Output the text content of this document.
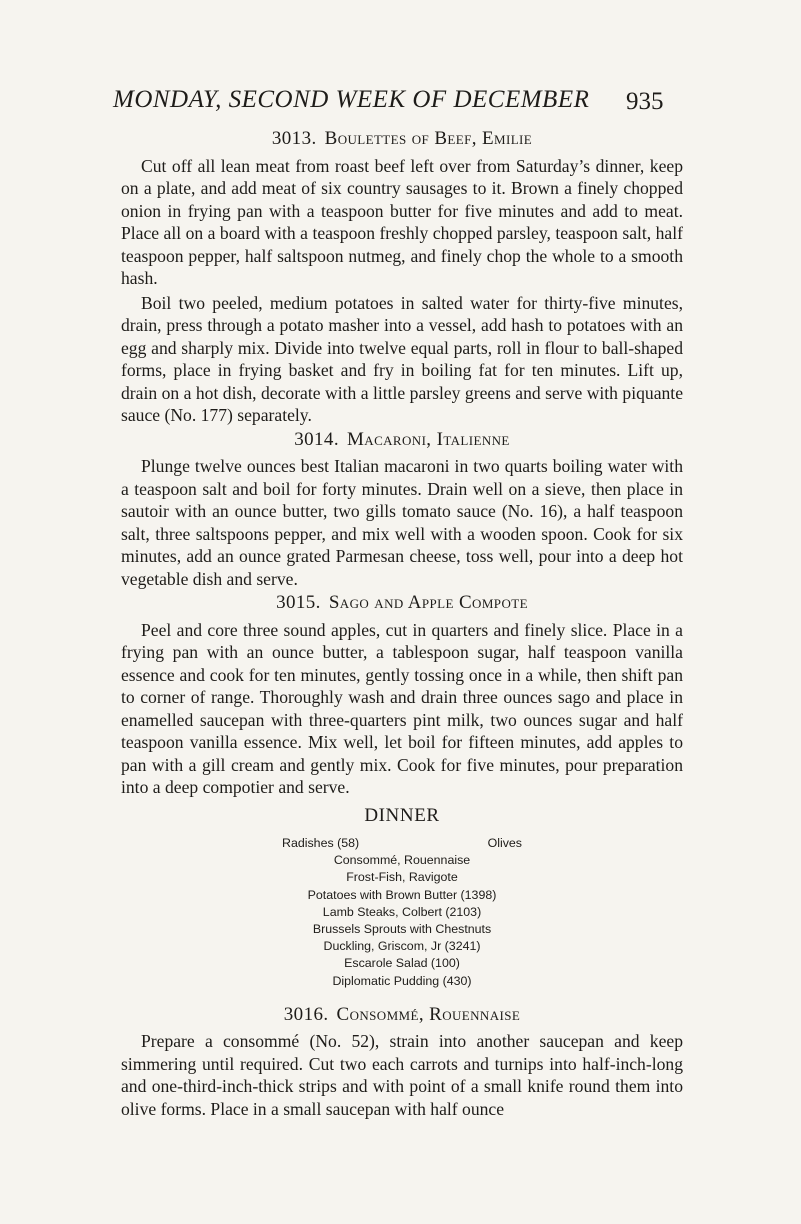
MONDAY, SECOND WEEK OF DECEMBER	935
3013. Boulettes of Beef, Emilie

Cut off all lean meat from roast beef left over from Saturday’s dinner, keep on a plate, and add meat of six country sausages to it. Brown a finely chopped onion in frying pan with a teaspoon butter for five minutes and add to meat. Place all on a board with a teaspoon freshly chopped parsley, teaspoon salt, half teaspoon pepper, half saltspoon nutmeg, and finely chop the whole to a smooth hash.

Boil two peeled, medium potatoes in salted water for thirty-five minutes, drain, press through a potato masher into a vessel, add hash to potatoes with an egg and sharply mix. Divide into twelve equal parts, roll in flour to ball-shaped forms, place in frying basket and fry in boiling fat for ten minutes. Lift up, drain on a hot dish, decorate with a little parsley greens and serve with piquante sauce (No. 177) separately.

3014. Macaroni, Italienne

Plunge twelve ounces best Italian macaroni in two quarts boiling water with a teaspoon salt and boil for forty minutes. Drain well on a sieve, then place in sautoir with an ounce butter, two gills tomato sauce (No. 16), a half teaspoon salt, three saltspoons pepper, and mix well with a wooden spoon. Cook for six minutes, add an ounce grated Parmesan cheese, toss well, pour into a deep hot vegetable dish and serve.

3015. Sago and Apple Compote

Peel and core three sound apples, cut in quarters and finely slice. Place in a frying pan with an ounce butter, a tablespoon sugar, half teaspoon vanilla essence and cook for ten minutes, gently tossing once in a while, then shift pan to corner of range. Thoroughly wash and drain three ounces sago and place in enamelled saucepan with three-quarters pint milk, two ounces sugar and half teaspoon vanilla essence. Mix well, let boil for fifteen minutes, add apples to pan with a gill cream and gently mix. Cook for five minutes, pour preparation into a deep compotier and serve.

DINNER
Radishes (58)	Olives
Consommé, Rouennaise
Frost-Fish, Ravigote
Potatoes with Brown Butter (1398)
Lamb Steaks, Colbert (2103)
Brussels Sprouts with Chestnuts
Duckling, Griscom, Jr (3241)
Escarole Salad (100)
Diplomatic Pudding (430)
3016. Consommé, Rouennaise

Prepare a consommé (No. 52), strain into another saucepan and keep simmering until required. Cut two each carrots and turnips into half-inch-long and one-third-inch-thick strips and with point of a small knife round them into olive forms. Place in a small saucepan with half ounce
